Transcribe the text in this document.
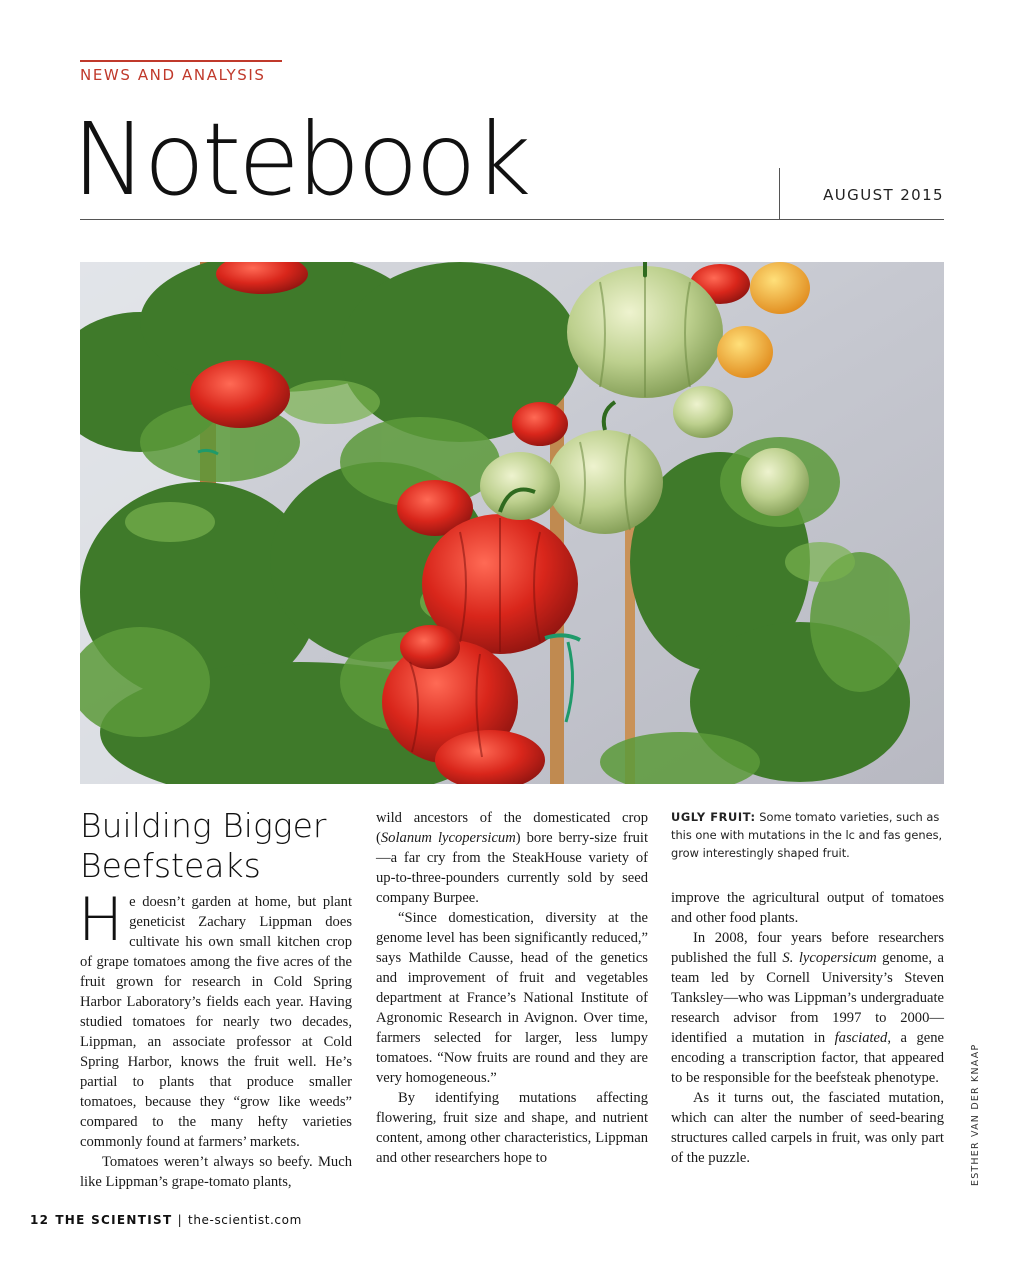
NEWS AND ANALYSIS
Notebook	AUGUST 2015
Building Bigger Beefsteaks

He doesn’t garden at home, but plant geneticist Zachary Lippman does cultivate his own small kitchen crop of grape tomatoes among the five acres of the fruit grown for research in Cold Spring Harbor Laboratory’s fields each year. Having studied tomatoes for nearly two decades, Lippman, an associate professor at Cold Spring Harbor, knows the fruit well. He’s partial to plants that produce smaller tomatoes, because they “grow like weeds” compared to the many hefty varieties commonly found at farmers’ markets.

Tomatoes weren’t always so beefy. Much like Lippman’s grape-tomato plants,

wild ancestors of the domesticated crop (Solanum lycopersicum) bore berry-size fruit—a far cry from the SteakHouse variety of up-to-three-pounders currently sold by seed company Burpee.

“Since domestication, diversity at the genome level has been significantly reduced,” says Mathilde Causse, head of the genetics and improvement of fruit and vegetables department at France’s National Institute of Agronomic Research in Avignon. Over time, farmers selected for larger, less lumpy tomatoes. “Now fruits are round and they are very homogeneous.”

By identifying mutations affecting flowering, fruit size and shape, and nutrient content, among other characteristics, Lippman and other researchers hope to

UGLY FRUIT: Some tomato varieties, such as this one with mutations in the lc and fas genes, grow interestingly shaped fruit.

improve the agricultural output of tomatoes and other food plants.

In 2008, four years before researchers published the full S. lycopersicum genome, a team led by Cornell University’s Steven Tanksley—who was Lippman’s undergraduate research advisor from 1997 to 2000—identified a mutation in fasciated, a gene encoding a transcription factor, that appeared to be responsible for the beefsteak phenotype.

As it turns out, the fasciated mutation, which can alter the number of seed-bearing structures called carpels in fruit, was only part of the puzzle.	ESTHER VAN DER KNAAP
12 THE SCIENTIST | the-scientist.com
